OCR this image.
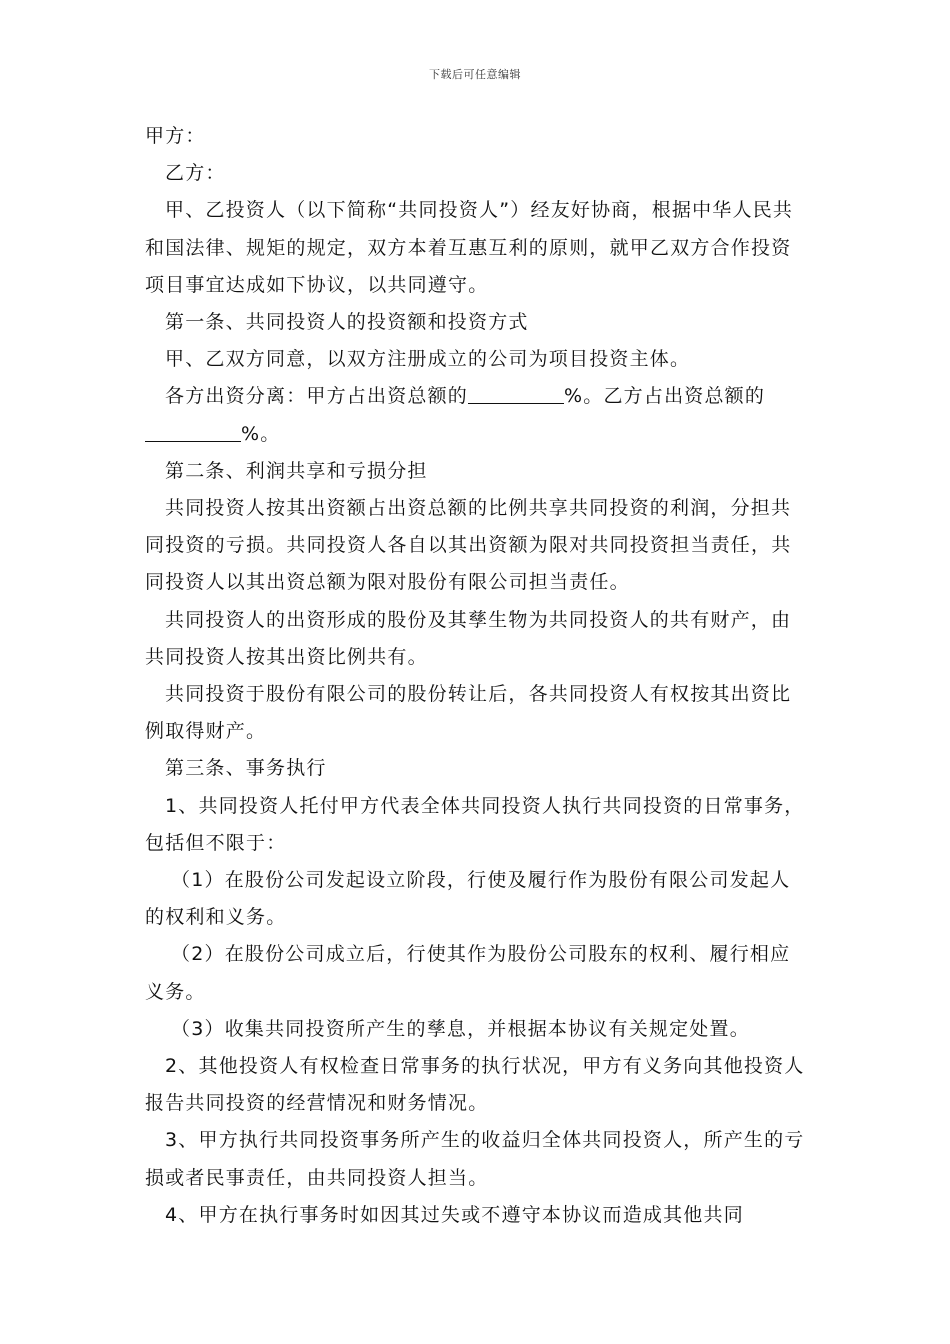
下载后可任意编辑

甲方：

乙方：

甲、乙投资人（以下简称“共同投资人”）经友好协商，根据中华人民共和国法律、规矩的规定，双方本着互惠互利的原则，就甲乙双方合作投资项目事宜达成如下协议，以共同遵守。

第一条、共同投资人的投资额和投资方式

甲、乙双方同意，以双方注册成立的公司为项目投资主体。

各方出资分离：甲方占出资总额的	%。乙方占出资总额的%。

第二条、利润共享和亏损分担

共同投资人按其出资额占出资总额的比例共享共同投资的利润，分担共同投资的亏损。共同投资人各自以其出资额为限对共同投资担当责任，共同投资人以其出资总额为限对股份有限公司担当责任。

共同投资人的出资形成的股份及其孳生物为共同投资人的共有财产，由共同投资人按其出资比例共有。

共同投资于股份有限公司的股份转让后，各共同投资人有权按其出资比例取得财产。

第三条、事务执行

1、共同投资人托付甲方代表全体共同投资人执行共同投资的日常事务，包括但不限于：

（1）在股份公司发起设立阶段，行使及履行作为股份有限公司发起人的权利和义务。

（2）在股份公司成立后，行使其作为股份公司股东的权利、履行相应义务。

（3）收集共同投资所产生的孳息，并根据本协议有关规定处置。

2、其他投资人有权检查日常事务的执行状况，甲方有义务向其他投资人报告共同投资的经营情况和财务情况。

3、甲方执行共同投资事务所产生的收益归全体共同投资人，所产生的亏损或者民事责任，由共同投资人担当。

4、甲方在执行事务时如因其过失或不遵守本协议而造成其他共同
